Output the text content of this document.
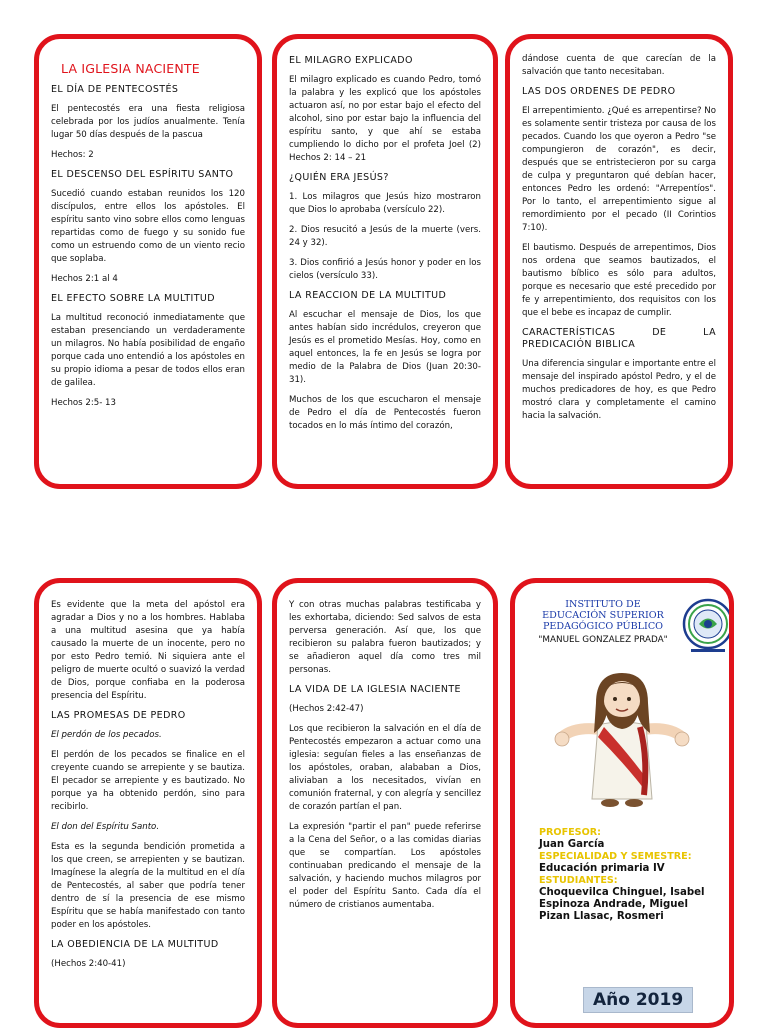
LA IGLESIA NACIENTE
EL DÍA DE PENTECOSTÉS
El pentecostés era una fiesta religiosa celebrada por los judíos anualmente. Tenía lugar 50 días después de la pascua
Hechos: 2
EL DESCENSO DEL ESPÍRITU SANTO
Sucedió cuando estaban reunidos los 120 discípulos, entre ellos los apóstoles. El espíritu santo vino sobre ellos como lenguas repartidas como de fuego y su sonido fue como un estruendo como de un viento recio que soplaba.
Hechos 2:1 al 4
EL EFECTO SOBRE LA MULTITUD
La multitud reconoció inmediatamente que estaban presenciando un verdaderamente un milagros. No había posibilidad de engaño porque cada uno entendió a los apóstoles en su propio idioma a pesar de todos ellos eran de galilea.
Hechos 2:5- 13
EL MILAGRO EXPLICADO
El milagro explicado es cuando Pedro, tomó la palabra y les explicó que los apóstoles actuaron así, no por estar bajo el efecto del alcohol, sino por estar bajo la influencia del espíritu santo, y que ahí se estaba cumpliendo lo dicho por el profeta Joel (2) Hechos 2: 14 – 21
¿QUIÉN ERA JESÚS?
1. Los milagros que Jesús hizo mostraron que Dios lo aprobaba (versículo 22).
2. Dios resucitó a Jesús de la muerte (vers. 24 y 32).
3. Dios confirió a Jesús honor y poder en los cielos (versículo 33).
LA REACCION DE LA MULTITUD
Al escuchar el mensaje de Dios, los que antes habían sido incrédulos, creyeron que Jesús es el prometido Mesías. Hoy, como en aquel entonces, la fe en Jesús se logra por medio de la Palabra de Dios (Juan 20:30-31).
Muchos de los que escucharon el mensaje de Pedro el día de Pentecostés fueron tocados en lo más íntimo del corazón,
dándose cuenta de que carecían de la salvación que tanto necesitaban.
LAS DOS ORDENES DE PEDRO
El arrepentimiento. ¿Qué es arrepentirse? No es solamente sentir tristeza por causa de los pecados. Cuando los que oyeron a Pedro "se compungieron de corazón", es decir, después que se entristecieron por su carga de culpa y preguntaron qué debían hacer, entonces Pedro les ordenó: "Arrepentíos". Por lo tanto, el arrepentimiento sigue al remordimiento por el pecado (II Corintios 7:10).
El bautismo. Después de arrepentimos, Dios nos ordena que seamos bautizados, el bautismo bíblico es sólo para adultos, porque es necesario que esté precedido por fe y arrepentimiento, dos requisitos con los que el bebe es incapaz de cumplir.
CARACTERÍSTICAS	DE	LA
PREDICACIÓN BIBLICA
Una diferencia singular e importante entre el mensaje del inspirado apóstol Pedro, y el de muchos predicadores de hoy, es que Pedro mostró clara y completamente el camino hacia la salvación.
Es evidente que la meta del apóstol era agradar a Dios y no a los hombres. Hablaba a una multitud asesina que ya había causado la muerte de un inocente, pero no por esto Pedro temió. Ni siquiera ante el peligro de muerte ocultó o suavizó la verdad de Dios, porque confiaba en la poderosa presencia del Espíritu.
LAS PROMESAS DE PEDRO
El perdón de los pecados.
El perdón de los pecados se finalice en el creyente cuando se arrepiente y se bautiza. El pecador se arrepiente y es bautizado. No porque ya ha obtenido perdón, sino para recibirlo.
El don del Espíritu Santo.
Esta es la segunda bendición prometida a los que creen, se arrepienten y se bautizan. Imagínese la alegría de la multitud en el día de Pentecostés, al saber que podría tener dentro de sí la presencia de ese mismo Espíritu que se había manifestado con tanto poder en los apóstoles.
LA OBEDIENCIA DE LA MULTITUD
(Hechos 2:40-41)
Y con otras muchas palabras testificaba y les exhortaba, diciendo: Sed salvos de esta perversa generación. Así que, los que recibieron su palabra fueron bautizados; y se añadieron aquel día como tres mil personas.
LA VIDA DE LA IGLESIA NACIENTE
(Hechos 2:42-47)
Los que recibieron la salvación en el día de Pentecostés empezaron a actuar como una iglesia: seguían fieles a las enseñanzas de los apóstoles, oraban, alababan a Dios, aliviaban a los necesitados, vivían en comunión fraternal, y con alegría y sencillez de corazón partían el pan.
La expresión "partir el pan" puede referirse a la Cena del Señor, o a las comidas diarias que se compartían. Los apóstoles continuaban predicando el mensaje de la salvación, y haciendo muchos milagros por el poder del Espíritu Santo. Cada día el número de cristianos aumentaba.
INSTITUTO DE EDUCACIÓN SUPERIOR PEDAGÓGICO PÚBLICO
"MANUEL GONZALEZ PRADA"
PROFESOR:
Juan García
ESPECIALIDAD Y SEMESTRE:
Educación primaria IV
ESTUDIANTES:
Choquevilca Chinguel, Isabel Espinoza Andrade, Miguel Pizan Llasac, Rosmeri
Año 2019
